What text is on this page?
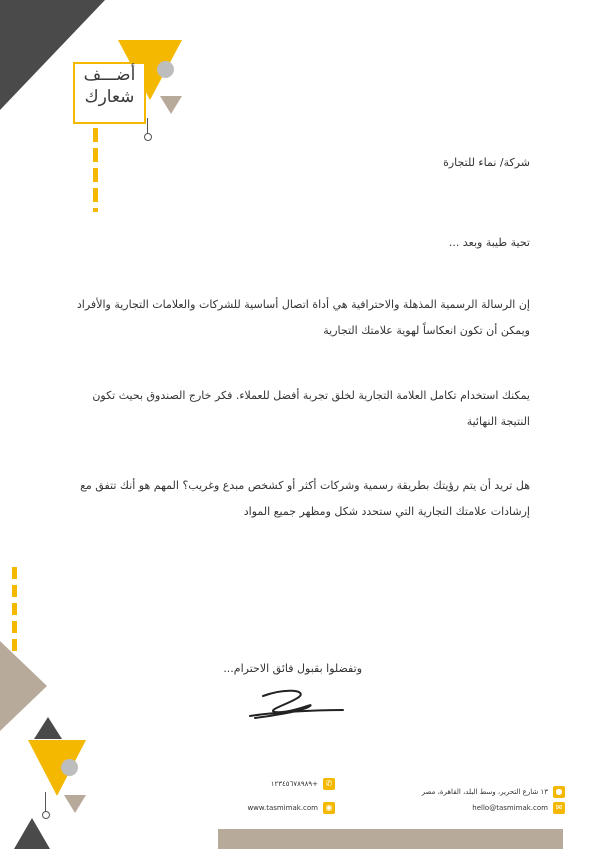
أضـــف
شعارك
شركة/ نماء للتجارة
تحية طيبة وبعد ...
إن الرسالة الرسمية المذهلة والاحترافية هي أداة اتصال أساسية للشركات والعلامات التجارية والأفراد ويمكن أن تكون انعكاساً لهوية علامتك التجارية
يمكنك استخدام تكامل العلامة التجارية لخلق تجربة أفضل للعملاء. فكر خارج الصندوق بحيث تكون النتيجة النهائية
هل تريد أن يتم رؤيتك بطريقة رسمية وشركات أكثر أو كشخص مبدع وغريب؟ المهم هو أنك تتفق مع إرشادات علامتك التجارية التي ستحدد شكل ومظهر جميع المواد
وتفضلوا بقبول فائق الاحترام...
●
١٣ شارع التحرير، وسط البلد، القاهرة، مصر
✆
+١٢٣٤٥٦٧٨٩٨٩
✉
hello@tasmimak.com
◉
www.tasmimak.com
